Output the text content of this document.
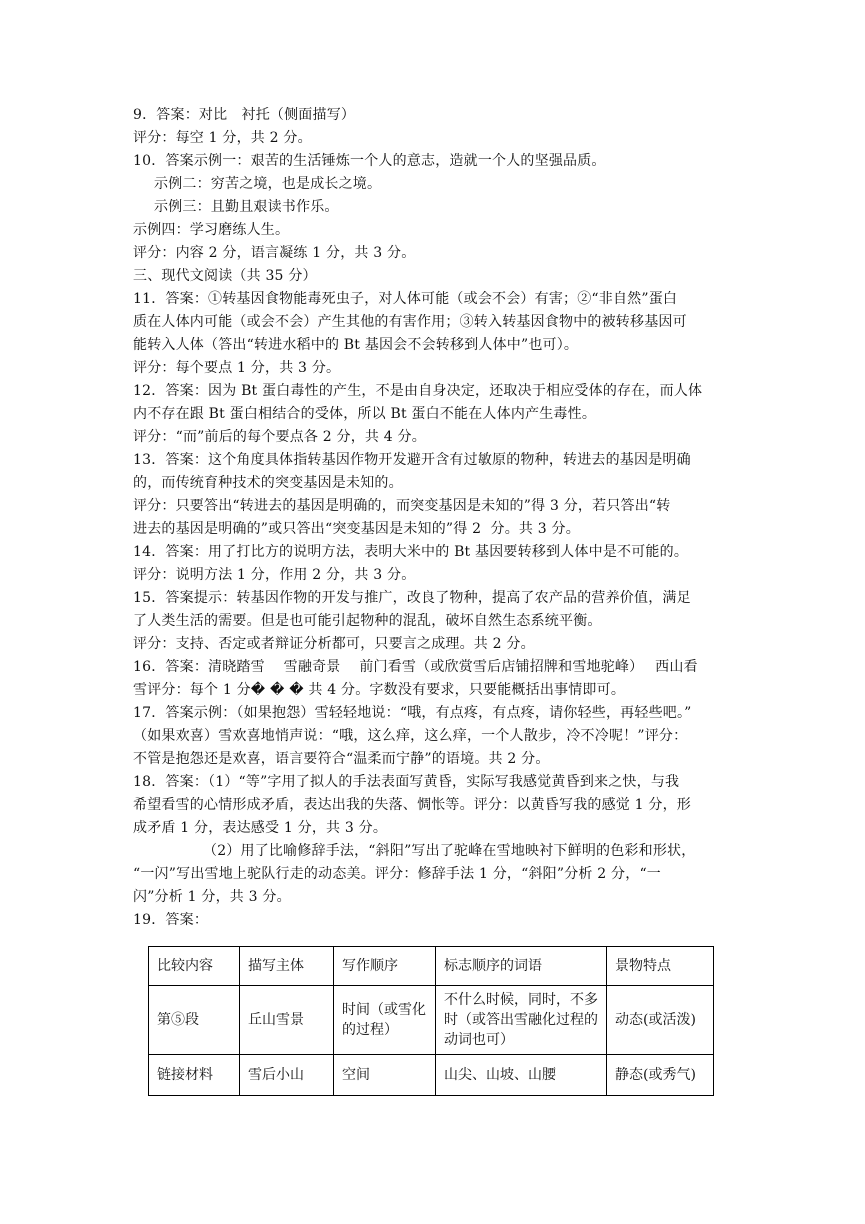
9．答案：对比　衬托（侧面描写）
评分：每空 1 分，共 2 分。
10．答案示例一：艰苦的生活锤炼一个人的意志，造就一个人的坚强品质。
示例二：穷苦之境，也是成长之境。
示例三：且勤且艰读书作乐。
示例四：学习磨练人生。
评分：内容 2 分，语言凝练 1 分，共 3 分。
三、现代文阅读（共 35 分）
11．答案：①转基因食物能毒死虫子，对人体可能（或会不会）有害；②“非自然”蛋白
质在人体内可能（或会不会）产生其他的有害作用；③转入转基因食物中的被转移基因可
能转入人体（答出“转进水稻中的 Bt 基因会不会转移到人体中”也可）。
评分：每个要点 1 分，共 3 分。
12．答案：因为 Bt 蛋白毒性的产生，不是由自身决定，还取决于相应受体的存在，而人体
内不存在跟 Bt 蛋白相结合的受体，所以 Bt 蛋白不能在人体内产生毒性。
评分：“而”前后的每个要点各 2 分，共 4 分。
13．答案：这个角度具体指转基因作物开发避开含有过敏原的物种，转进去的基因是明确
的，而传统育种技术的突变基因是未知的。
评分：只要答出“转进去的基因是明确的，而突变基因是未知的”得 3 分，若只答出“转
进去的基因是明确的”或只答出“突变基因是未知的”得 2  分。共 3 分。
14．答案：用了打比方的说明方法，表明大米中的 Bt 基因要转移到人体中是不可能的。
评分：说明方法 1 分，作用 2 分，共 3 分。
15．答案提示：转基因作物的开发与推广，改良了物种，提高了农产品的营养价值，满足
了人类生活的需要。但是也可能引起物种的混乱，破坏自然生态系统平衡。
评分：支持、否定或者辩证分析都可，只要言之成理。共 2 分。
16．答案：清晓踏雪　 雪融奇景　 前门看雪（或欣赏雪后店铺招牌和雪地驼峰）　 西山看
雪评分：每个 1 分� � � 共 4 分。字数没有要求，只要能概括出事情即可。
17．答案示例：（如果抱怨）雪轻轻地说：“哦，有点疼，有点疼，请你轻些，再轻些吧。”
（如果欢喜）雪欢喜地悄声说：“哦，这么痒，这么痒，一个人散步，冷不冷呢！”评分：
不管是抱怨还是欢喜，语言要符合“温柔而宁静”的语境。共 2 分。
18．答案：（1）“等”字用了拟人的手法表面写黄昏，实际写我感觉黄昏到来之快，与我
希望看雪的心情形成矛盾，表达出我的失落、惆怅等。评分：以黄昏写我的感觉 1 分，形
成矛盾 1 分，表达感受 1 分，共 3 分。
（2）用了比喻修辞手法，“斜阳”写出了驼峰在雪地映衬下鲜明的色彩和形状，
“一闪”写出雪地上驼队行走的动态美。评分：修辞手法 1 分，“斜阳”分析 2 分，“一
闪”分析 1 分，共 3 分。
19．答案：
比较内容	描写主体	写作顺序	标志顺序的词语	景物特点
第⑤段	丘山雪景	时间（或雪化的过程）	不什么时候，同时，不多时（或答出雪融化过程的动词也可）	动态(或活泼)
链接材料	雪后小山	空间	山尖、山坡、山腰	静态(或秀气)
